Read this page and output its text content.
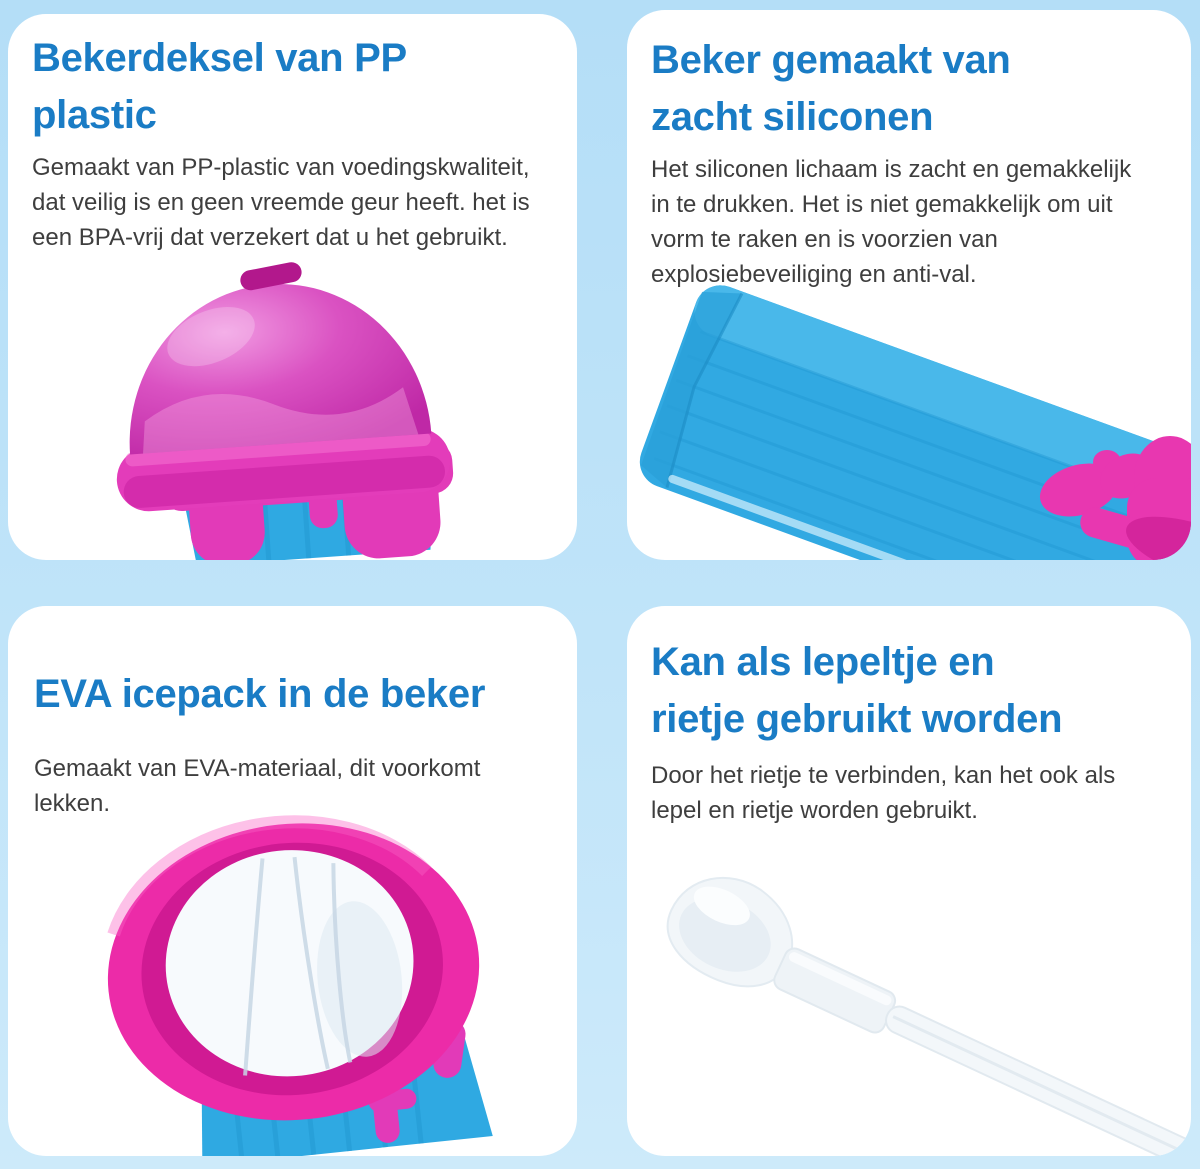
Bekerdeksel van PP
plastic

Gemaakt van PP-plastic van voedingskwaliteit,
dat veilig is en geen vreemde geur heeft. het is
een BPA-vrij dat verzekert dat u het gebruikt.

Beker gemaakt van
zacht siliconen

Het siliconen lichaam is zacht en gemakkelijk
in te drukken. Het is niet gemakkelijk om uit
vorm te raken en is voorzien van
explosiebeveiliging en anti-val.

EVA icepack in de beker

Gemaakt van EVA-materiaal, dit voorkomt
lekken.

Kan als lepeltje en
rietje gebruikt worden

Door het rietje te verbinden, kan het ook als
lepel en rietje worden gebruikt.
